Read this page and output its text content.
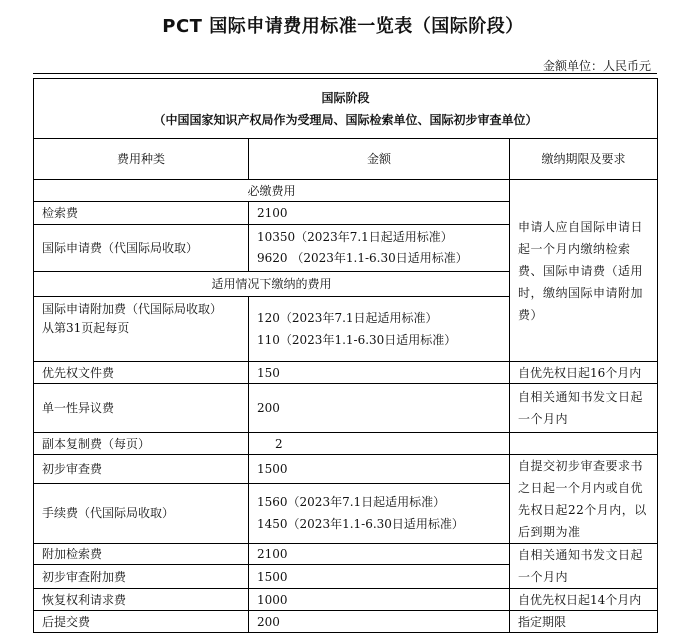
PCT 国际申请费用标准一览表（国际阶段）
金额单位：人民币元
国际阶段
（中国国家知识产权局作为受理局、国际检索单位、国际初步审查单位）		

费用种类	金额	缴纳期限及要求
必缴费用		申请人应自国际申请日起一个月内缴纳检索费、国际申请费（适用时，缴纳国际申请附加费）
检索费	2100	
国际申请费（代国际局收取）	10350（2023年7.1日起适用标准）
9620 （2023年1.1-6.30日适用标准）	

适用情况下缴纳的费用		

国际申请附加费（代国际局收取）
从第31页起每页	120（2023年7.1日起适用标准）
110（2023年1.1-6.30日适用标准）	

优先权文件费	150	自优先权日起16个月内
单一性异议费	200	自相关通知书发文日起一个月内
副本复制费（每页）	2	
初步审查费	1500	自提交初步审查要求书之日起一个月内或自优先权日起22个月内，以后到期为准
手续费（代国际局收取）	1560（2023年7.1日起适用标准）
1450（2023年1.1-6.30日适用标准）	

附加检索费	2100	自相关通知书发文日起一个月内
初步审查附加费	1500	
恢复权利请求费	1000	自优先权日起14个月内
后提交费	200	指定期限
